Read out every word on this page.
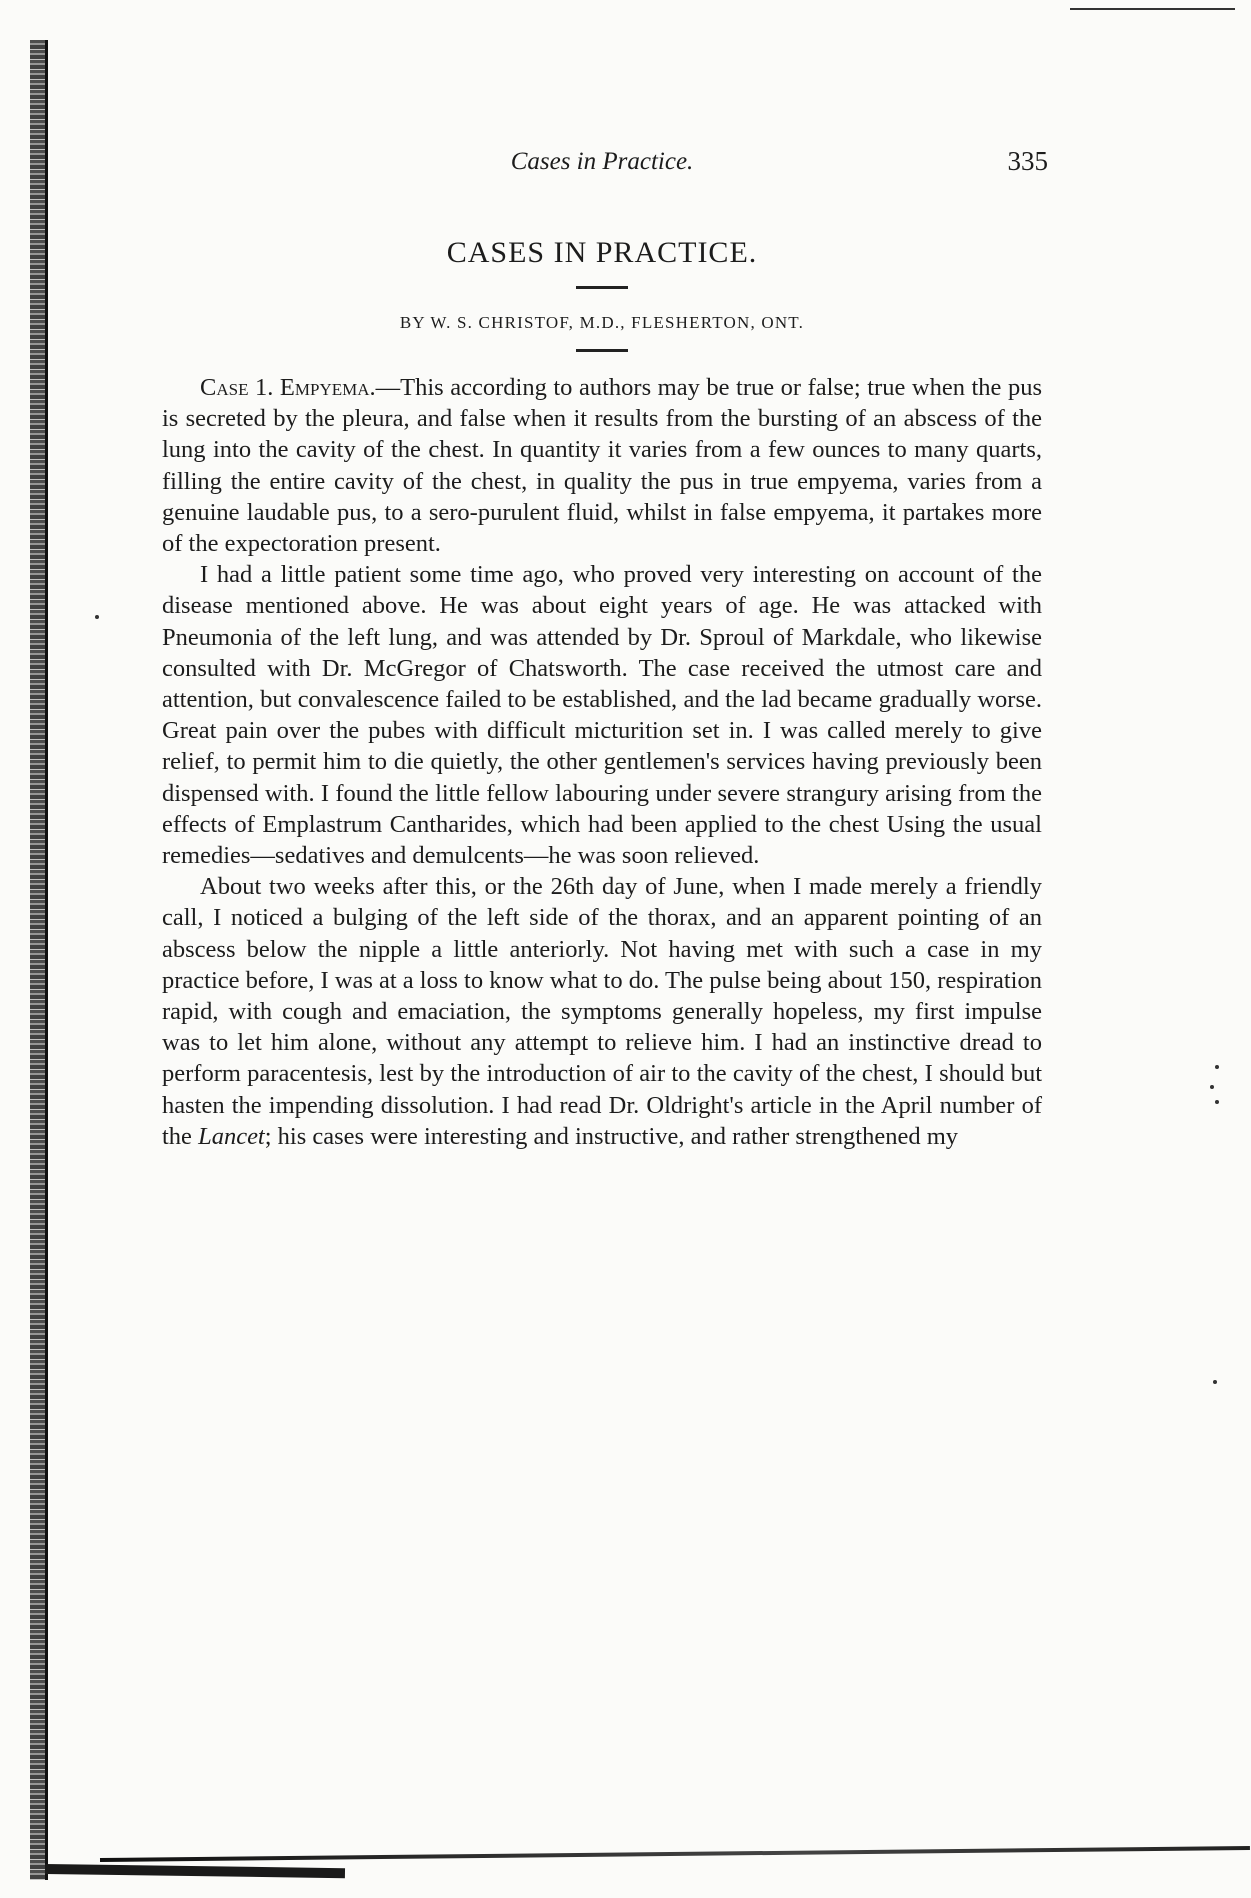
Cases in Practice.	335
CASES IN PRACTICE.
BY W. S. CHRISTOF, M.D., FLESHERTON, ONT.

Case 1. Empyema.—This according to authors may be true or false; true when the pus is secreted by the pleura, and false when it results from the bursting of an abscess of the lung into the cavity of the chest. In quantity it varies from a few ounces to many quarts, filling the entire cavity of the chest, in quality the pus in true empyema, varies from a genuine laudable pus, to a sero-purulent fluid, whilst in false empyema, it partakes more of the expectoration present.

I had a little patient some time ago, who proved very interesting on account of the disease mentioned above. He was about eight years of age. He was attacked with Pneumonia of the left lung, and was attended by Dr. Sproul of Markdale, who likewise consulted with Dr. McGregor of Chatsworth. The case received the utmost care and attention, but convalescence failed to be established, and the lad became gradually worse. Great pain over the pubes with difficult micturition set in. I was called merely to give relief, to permit him to die quietly, the other gentlemen's services having previously been dispensed with. I found the little fellow labouring under severe strangury arising from the effects of Emplastrum Cantharides, which had been applied to the chest Using the usual remedies—sedatives and demulcents—he was soon relieved.

About two weeks after this, or the 26th day of June, when I made merely a friendly call, I noticed a bulging of the left side of the thorax, and an apparent pointing of an abscess below the nipple a little anteriorly. Not having met with such a case in my practice before, I was at a loss to know what to do. The pulse being about 150, respiration rapid, with cough and emaciation, the symptoms generally hopeless, my first impulse was to let him alone, without any attempt to relieve him. I had an instinctive dread to perform paracentesis, lest by the introduction of air to the cavity of the chest, I should but hasten the impending dissolution. I had read Dr. Oldright's article in the April number of the Lancet; his cases were interesting and instructive, and rather strengthened my
